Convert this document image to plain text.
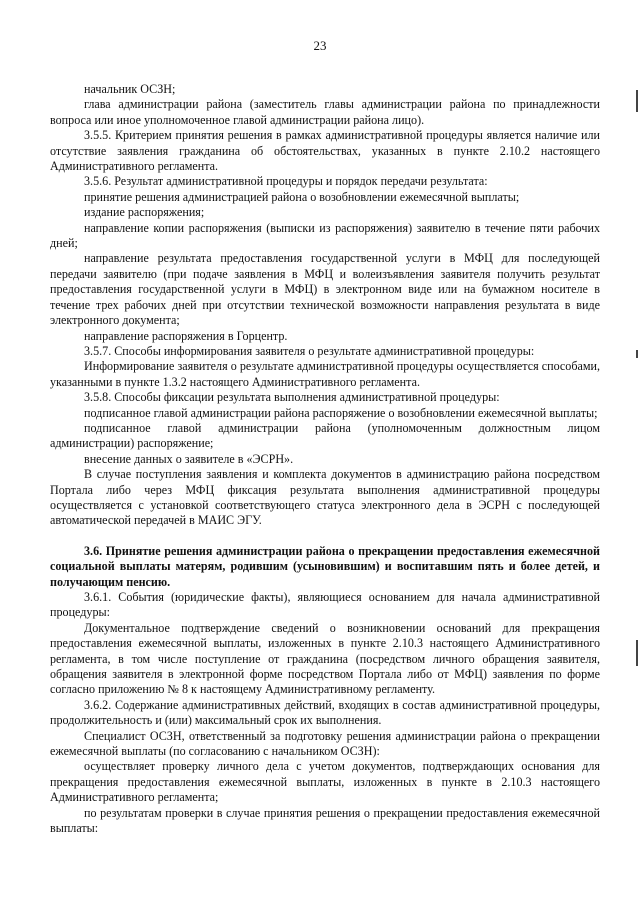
23

начальник ОСЗН;

глава администрации района (заместитель главы администрации района по принадлежности вопроса или иное уполномоченное главой администрации района лицо).

3.5.5. Критерием принятия решения в рамках административной процедуры является наличие или отсутствие заявления гражданина об обстоятельствах, указанных в пункте 2.10.2 настоящего Административного регламента.

3.5.6. Результат административной процедуры и порядок передачи результата:

принятие решения администрацией района о возобновлении ежемесячной выплаты;

издание распоряжения;

направление копии распоряжения (выписки из распоряжения) заявителю в течение пяти рабочих дней;

направление результата предоставления государственной услуги в МФЦ для последующей передачи заявителю (при подаче заявления в МФЦ и волеизъявления заявителя получить результат предоставления государственной услуги в МФЦ) в электронном виде или на бумажном носителе в течение трех рабочих дней при отсутствии технической возможности направления результата в виде электронного документа;

направление распоряжения в Горцентр.

3.5.7. Способы информирования заявителя о результате административной процедуры:

Информирование заявителя о результате административной процедуры осуществляется способами, указанными в пункте 1.3.2 настоящего Административного регламента.

3.5.8. Способы фиксации результата выполнения административной процедуры:

подписанное главой администрации района распоряжение о возобновлении ежемесячной выплаты;

подписанное главой администрации района (уполномоченным должностным лицом администрации) распоряжение;

внесение данных о заявителе в «ЭСРН».

В случае поступления заявления и комплекта документов в администрацию района посредством Портала либо через МФЦ фиксация результата выполнения административной процедуры осуществляется с установкой соответствующего статуса электронного дела в ЭСРН с последующей автоматической передачей в МАИС ЭГУ.

3.6. Принятие решения администрации района о прекращении предоставления ежемесячной социальной выплаты матерям, родившим (усыновившим) и воспитавшим пять и более детей, и получающим пенсию.

3.6.1. События (юридические факты), являющиеся основанием для начала административной процедуры:

Документальное подтверждение сведений о возникновении оснований для прекращения предоставления ежемесячной выплаты, изложенных в пункте 2.10.3 настоящего Административного регламента, в том числе поступление от гражданина (посредством личного обращения заявителя, обращения заявителя в электронной форме посредством Портала либо от МФЦ) заявления по форме согласно приложению № 8 к настоящему Административному регламенту.

3.6.2. Содержание административных действий, входящих в состав административной процедуры, продолжительность и (или) максимальный срок их выполнения.

Специалист ОСЗН, ответственный за подготовку решения администрации района о прекращении ежемесячной выплаты (по согласованию с начальником ОСЗН):

осуществляет проверку личного дела с учетом документов, подтверждающих основания для прекращения предоставления ежемесячной выплаты, изложенных в пункте в 2.10.3 настоящего Административного регламента;

по результатам проверки в случае принятия решения о прекращении предоставления ежемесячной выплаты:
